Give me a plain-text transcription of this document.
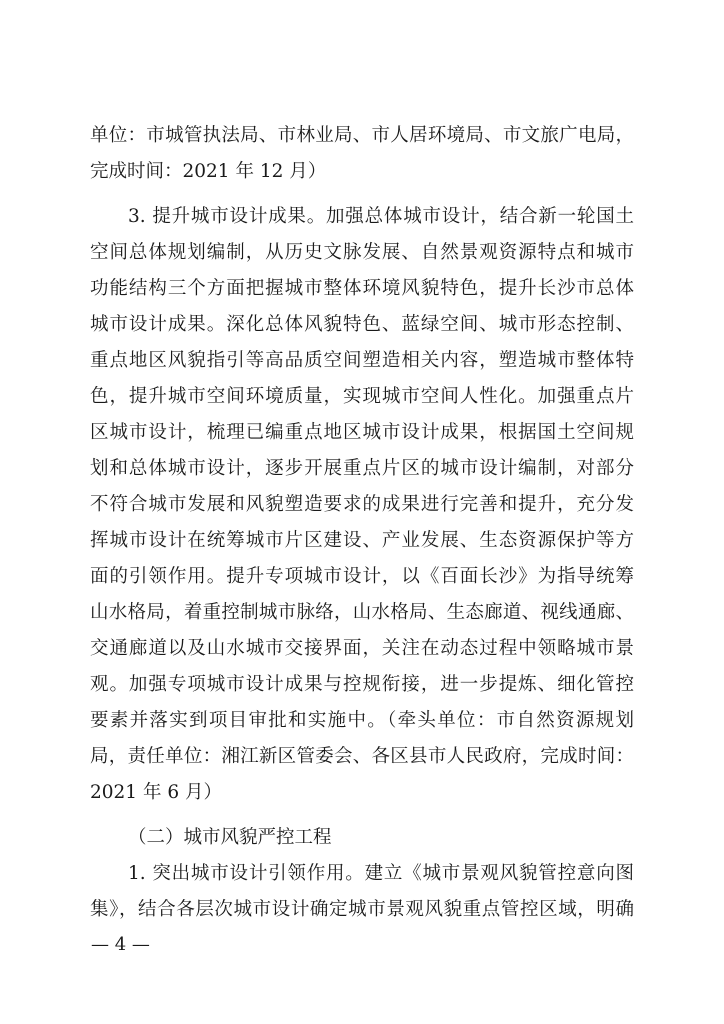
单位：市城管执法局、市林业局、市人居环境局、市文旅广电局，
完成时间：2021 年 12 月）
3. 提升城市设计成果。加强总体城市设计，结合新一轮国土
空间总体规划编制，从历史文脉发展、自然景观资源特点和城市
功能结构三个方面把握城市整体环境风貌特色，提升长沙市总体
城市设计成果。深化总体风貌特色、蓝绿空间、城市形态控制、
重点地区风貌指引等高品质空间塑造相关内容，塑造城市整体特
色，提升城市空间环境质量，实现城市空间人性化。加强重点片
区城市设计，梳理已编重点地区城市设计成果，根据国土空间规
划和总体城市设计，逐步开展重点片区的城市设计编制，对部分
不符合城市发展和风貌塑造要求的成果进行完善和提升，充分发
挥城市设计在统筹城市片区建设、产业发展、生态资源保护等方
面的引领作用。提升专项城市设计，以《百面长沙》为指导统筹
山水格局，着重控制城市脉络，山水格局、生态廊道、视线通廊、
交通廊道以及山水城市交接界面，关注在动态过程中领略城市景
观。加强专项城市设计成果与控规衔接，进一步提炼、细化管控
要素并落实到项目审批和实施中。（牵头单位：市自然资源规划
局，责任单位：湘江新区管委会、各区县市人民政府，完成时间：
2021 年 6 月）
（二）城市风貌严控工程
1. 突出城市设计引领作用。建立《城市景观风貌管控意向图
集》，结合各层次城市设计确定城市景观风貌重点管控区域，明确
— 4 —
